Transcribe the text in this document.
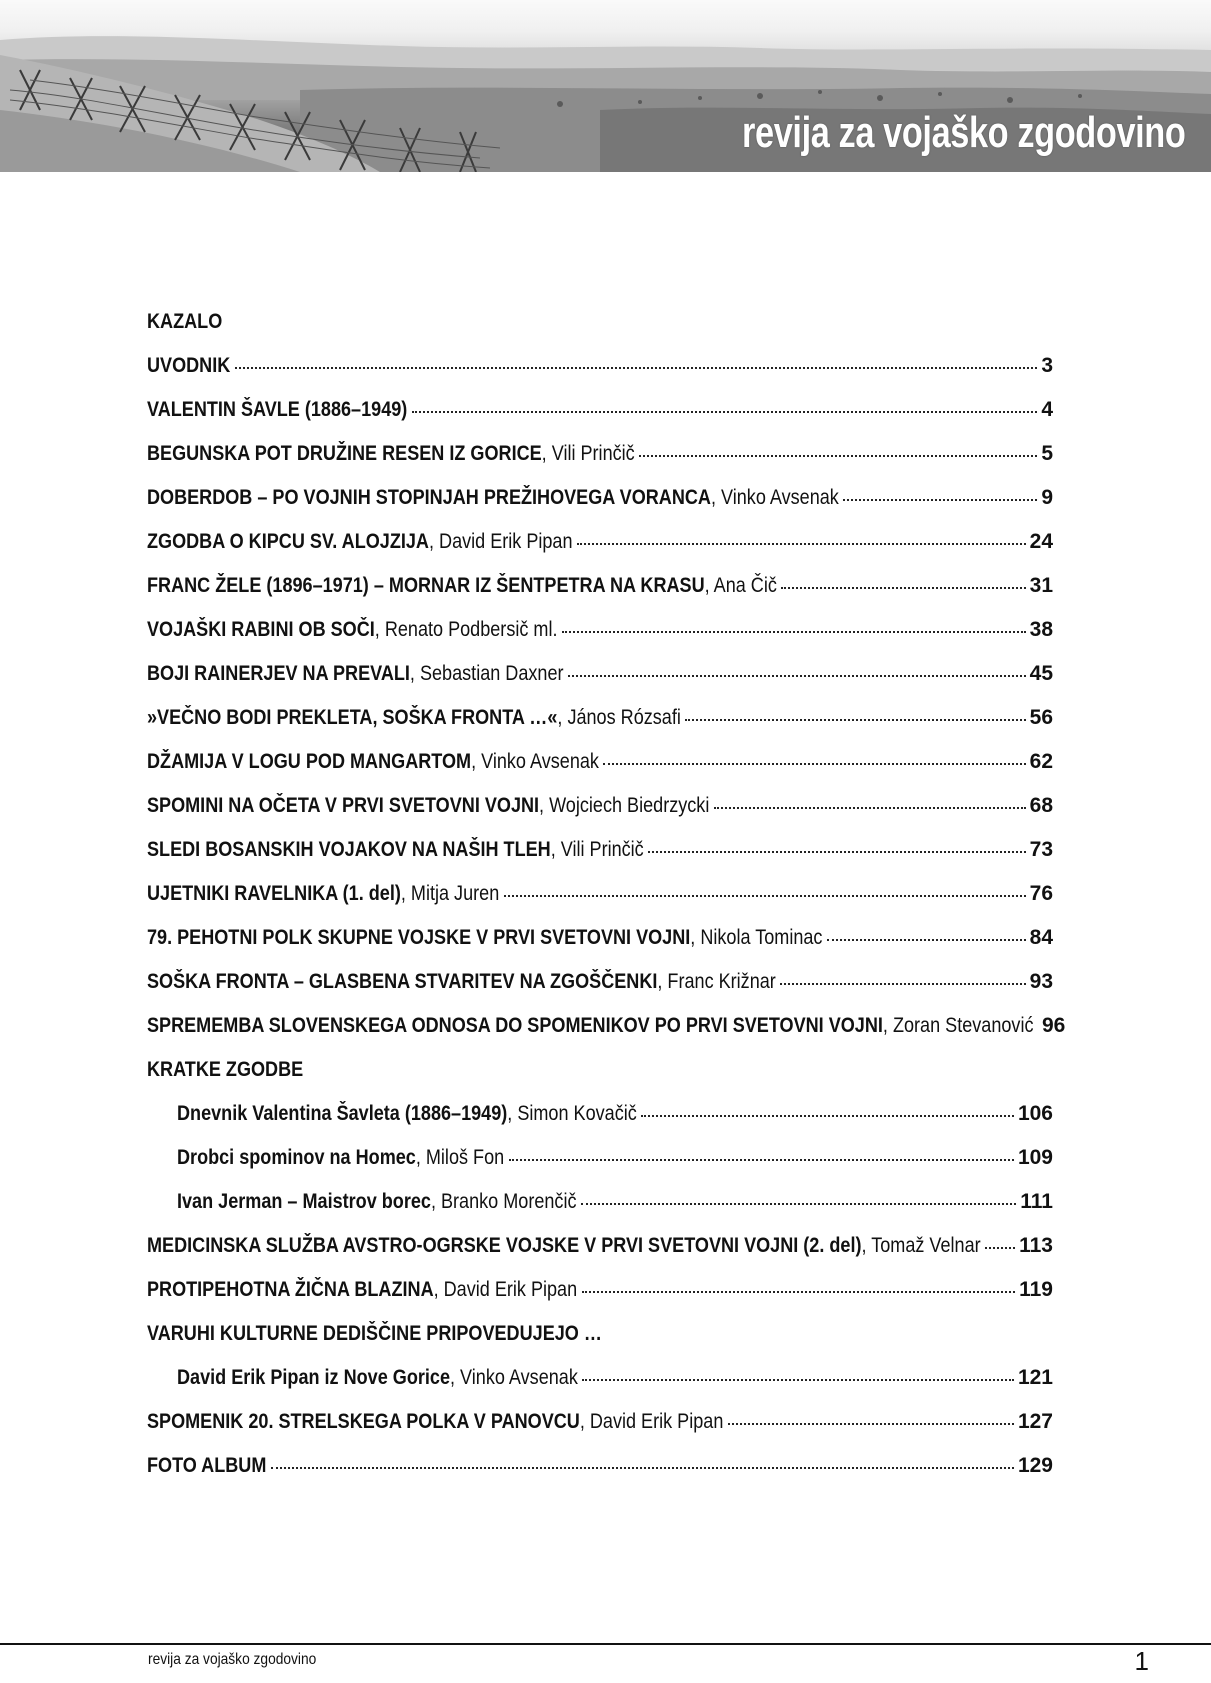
revija za vojaško zgodovino
KAZALO
UVODNIK	3
VALENTIN ŠAVLE (1886–1949)	4
BEGUNSKA POT DRUŽINE RESEN IZ GORICE, Vili Prinčič	5
DOBERDOB – PO VOJNIH STOPINJAH PREŽIHOVEGA VORANCA, Vinko Avsenak	9
ZGODBA O KIPCU SV. ALOJZIJA, David Erik Pipan	24
FRANC ŽELE (1896–1971) – MORNAR IZ ŠENTPETRA NA KRASU, Ana Čič	31
VOJAŠKI RABINI OB SOČI, Renato Podbersič ml.	38
BOJI RAINERJEV NA PREVALI, Sebastian Daxner	45
»VEČNO BODI PREKLETA, SOŠKA FRONTA …«, János Rózsafi	56
DŽAMIJA V LOGU POD MANGARTOM, Vinko Avsenak	62
SPOMINI NA OČETA V PRVI SVETOVNI VOJNI, Wojciech Biedrzycki	68
SLEDI BOSANSKIH VOJAKOV NA NAŠIH TLEH, Vili Prinčič	73
UJETNIKI RAVELNIKA (1. del), Mitja Juren	76
79. PEHOTNI POLK SKUPNE VOJSKE V PRVI SVETOVNI VOJNI, Nikola Tominac	84
SOŠKA FRONTA – GLASBENA STVARITEV NA ZGOŠČENKI, Franc Križnar	93
SPREMEMBA SLOVENSKEGA ODNOSA DO SPOMENIKOV PO PRVI SVETOVNI VOJNI, Zoran Stevanović 96
KRATKE ZGODBE
Dnevnik Valentina Šavleta (1886–1949), Simon Kovačič	106
Drobci spominov na Homec, Miloš Fon	109
Ivan Jerman – Maistrov borec, Branko Morenčič	111
MEDICINSKA SLUŽBA AVSTRO-OGRSKE VOJSKE V PRVI SVETOVNI VOJNI (2. del), Tomaž Velnar 113
PROTIPEHOTNA ŽIČNA BLAZINA, David Erik Pipan	119
VARUHI KULTURNE DEDIŠČINE PRIPOVEDUJEJO …
David Erik Pipan iz Nove Gorice, Vinko Avsenak	121
SPOMENIK 20. STRELSKEGA POLKA V PANOVCU, David Erik Pipan	127
FOTO ALBUM	129
revija za vojaško zgodovino	1
